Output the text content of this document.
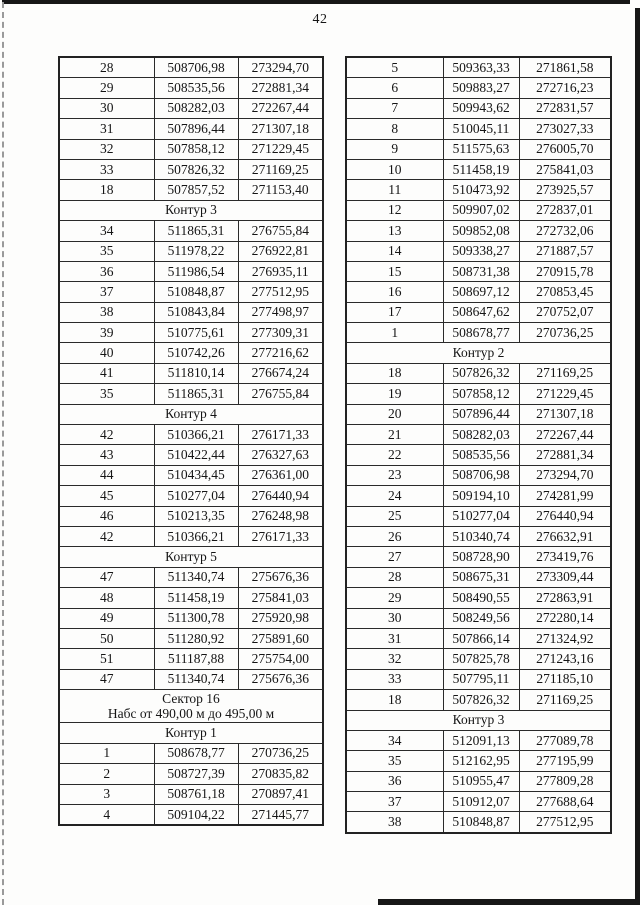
42
28	508706,98	273294,70
29	508535,56	272881,34
30	508282,03	272267,44
31	507896,44	271307,18
32	507858,12	271229,45
33	507826,32	271169,25
18	507857,52	271153,40

Контур 3		

34	511865,31	276755,84
35	511978,22	276922,81
36	511986,54	276935,11
37	510848,87	277512,95
38	510843,84	277498,97
39	510775,61	277309,31
40	510742,26	277216,62
41	511810,14	276674,24
35	511865,31	276755,84

Контур 4		

42	510366,21	276171,33
43	510422,44	276327,63
44	510434,45	276361,00
45	510277,04	276440,94
46	510213,35	276248,98
42	510366,21	276171,33

Контур 5		

47	511340,74	275676,36
48	511458,19	275841,03
49	511300,78	275920,98
50	511280,92	275891,60
51	511187,88	275754,00
47	511340,74	275676,36

Сектор 16
Набс от 490,00 м до 495,00 м		

Контур 1		

1	508678,77	270736,25
2	508727,39	270835,82
3	508761,18	270897,41
4	509104,22	271445,77
5	509363,33	271861,58
6	509883,27	272716,23
7	509943,62	272831,57
8	510045,11	273027,33
9	511575,63	276005,70
10	511458,19	275841,03
11	510473,92	273925,57
12	509907,02	272837,01
13	509852,08	272732,06
14	509338,27	271887,57
15	508731,38	270915,78
16	508697,12	270853,45
17	508647,62	270752,07
1	508678,77	270736,25

Контур 2		

18	507826,32	271169,25
19	507858,12	271229,45
20	507896,44	271307,18
21	508282,03	272267,44
22	508535,56	272881,34
23	508706,98	273294,70
24	509194,10	274281,99
25	510277,04	276440,94
26	510340,74	276632,91
27	508728,90	273419,76
28	508675,31	273309,44
29	508490,55	272863,91
30	508249,56	272280,14
31	507866,14	271324,92
32	507825,78	271243,16
33	507795,11	271185,10
18	507826,32	271169,25

Контур 3		

34	512091,13	277089,78
35	512162,95	277195,99
36	510955,47	277809,28
37	510912,07	277688,64
38	510848,87	277512,95
